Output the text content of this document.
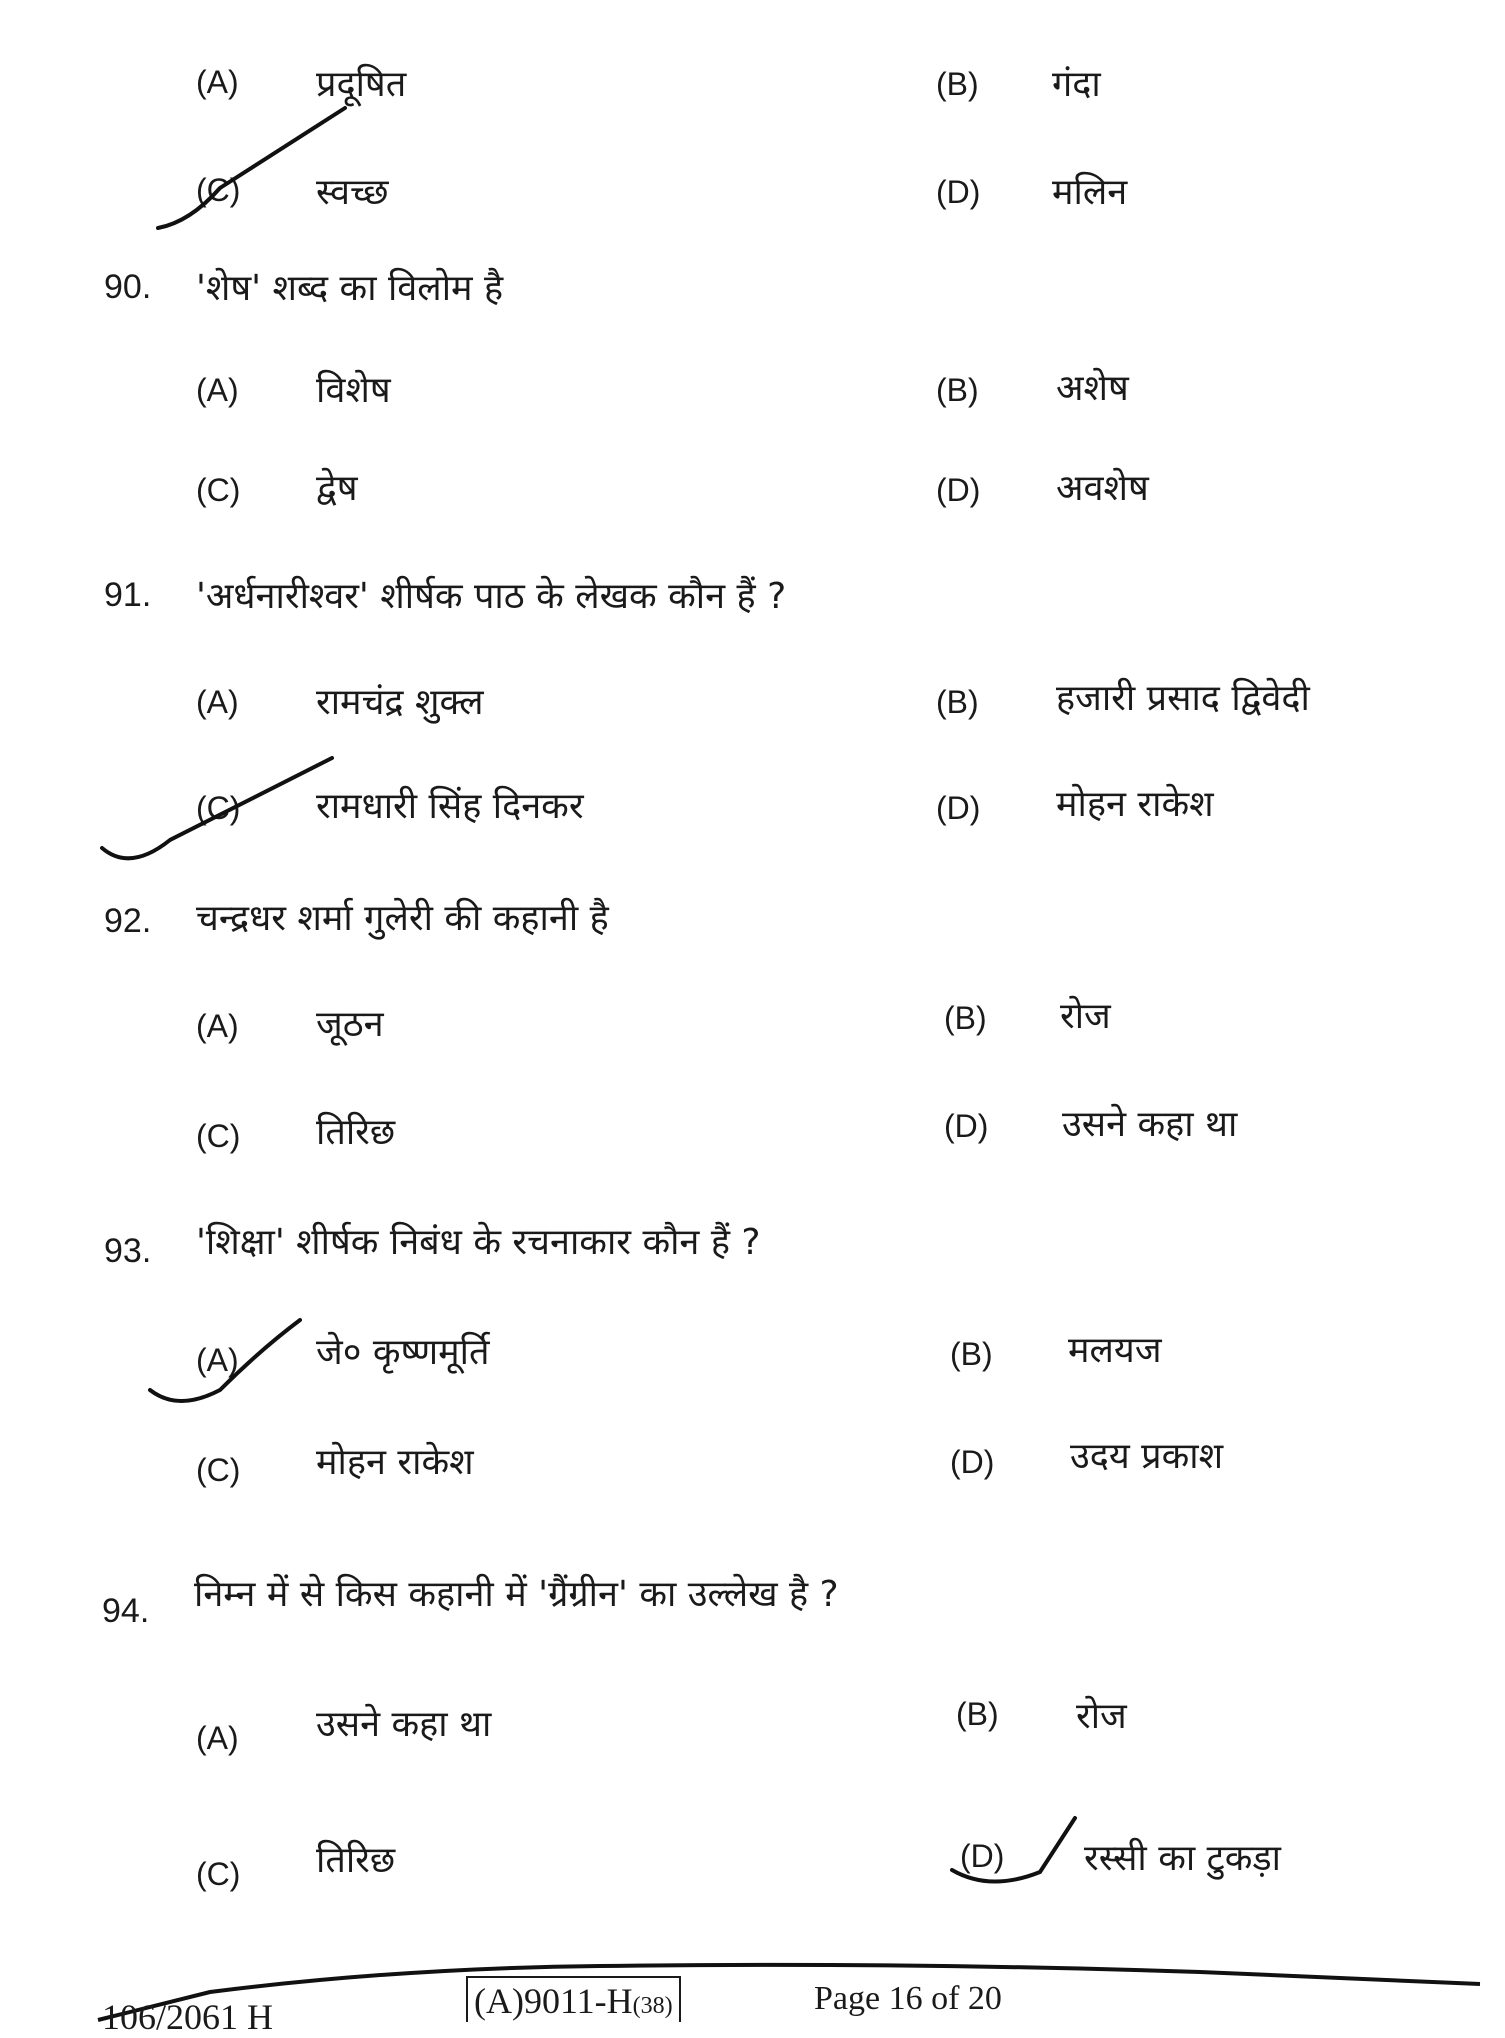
(A) प्रदूषित	(B) गंदा
(C) स्वच्छ	(D) मलिन
90. 'शेष' शब्द का विलोम है
(A) विशेष	(B) अशेष
(C) द्वेष	(D) अवशेष
91. 'अर्धनारीश्वर' शीर्षक पाठ के लेखक कौन हैं ?
(A) रामचंद्र शुक्ल	(B) हजारी प्रसाद द्विवेदी
(C) रामधारी सिंह दिनकर	(D) मोहन राकेश
92. चन्द्रधर शर्मा गुलेरी की कहानी है
(A) जूठन	(B) रोज
(C) तिरिछ	(D) उसने कहा था
93. 'शिक्षा' शीर्षक निबंध के रचनाकार कौन हैं ?
(A) जे० कृष्णमूर्ति	(B) मलयज
(C) मोहन राकेश	(D) उदय प्रकाश
94. निम्न में से किस कहानी में 'ग्रैंग्रीन' का उल्लेख है ?
(A) उसने कहा था	(B) रोज
(C) तिरिछ	(D) रस्सी का टुकड़ा
106/2061 H	(A)9011-H(38)	Page 16 of 20
